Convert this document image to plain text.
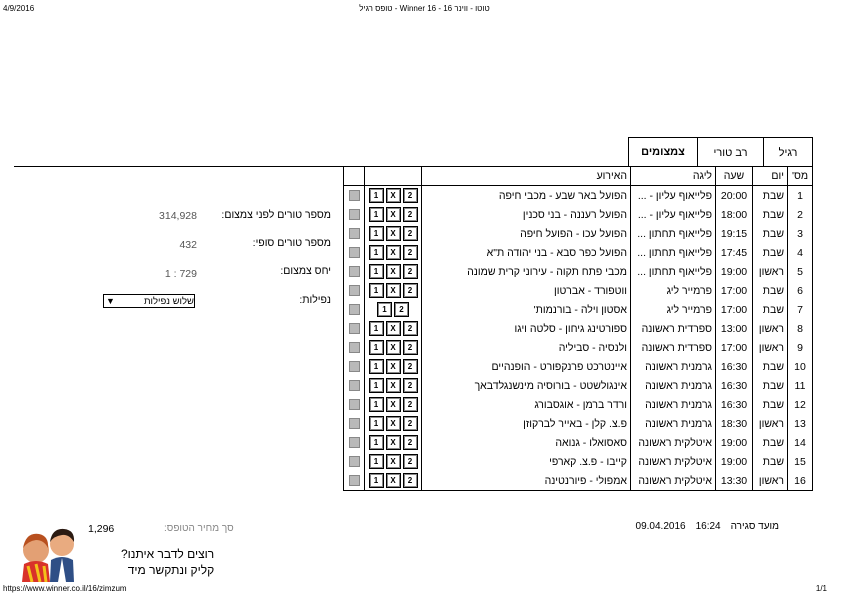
4/9/2016	טופס רגיל - Winner 16 - טוטו - ווינר 16
רגיל
רב טורי
צמצומים
מס'	יום	שעה	ליגה	האירוע		
1	שבת	20:00	פלייאוף עליון - ...	הפועל באר שבע - מכבי חיפה	1 X 2	

2	שבת	18:00	פלייאוף עליון - ...	הפועל רעננה - בני סכנין	1 X 2	

3	שבת	19:15	פלייאוף תחתון ...	הפועל עכו - הפועל חיפה	1 X 2	

4	שבת	17:45	פלייאוף תחתון ...	הפועל כפר סבא - בני יהודה ת"א	1 X 2	

5	ראשון	19:00	פלייאוף תחתון ...	מכבי פתח תקוה - עירוני קרית שמונה	1 X 2	

6	שבת	17:00	פרמייר ליג	ווטפורד - אברטון	1 X 2	

7	שבת	17:00	פרמייר ליג	אסטון וילה - בורנמות'	1 2	

8	ראשון	13:00	ספרדית ראשונה	ספורטינג גיחון - סלטה ויגו	1 X 2	

9	ראשון	17:00	ספרדית ראשונה	ולנסיה - סביליה	1 X 2	

10	שבת	16:30	גרמנית ראשונה	איינטרכט פרנקפורט - הופנהיים	1 X 2	

11	שבת	16:30	גרמנית ראשונה	אינגולשטט - בורוסיה מינשנגלדבאך	1 X 2	

12	שבת	16:30	גרמנית ראשונה	ורדר ברמן - אוגסבורג	1 X 2	

13	ראשון	18:30	גרמנית ראשונה	פ.צ. קלן - באייר לברקוזן	1 X 2	

14	שבת	19:00	איטלקית ראשונה	סאסואלו - גנואה	1 X 2	

15	שבת	19:00	איטלקית ראשונה	קייבו - פ.צ. קארפי	1 X 2	

16	ראשון	13:30	איטלקית ראשונה	אמפולי - פיורנטינה	1 X 2	

מספר טורים לפני צמצום:
314,928
מספר טורים סופי:
432
יחס צמצום:
1 : 729
נפילות:
שלוש נפילות
▼
מועד סגירה
16:24
09.04.2016
סך מחיר הטופס:
1,296
רוצים לדבר איתנו?
קליק ונתקשר מיד
https://www.winner.co.il/16/zimzum	1/1
